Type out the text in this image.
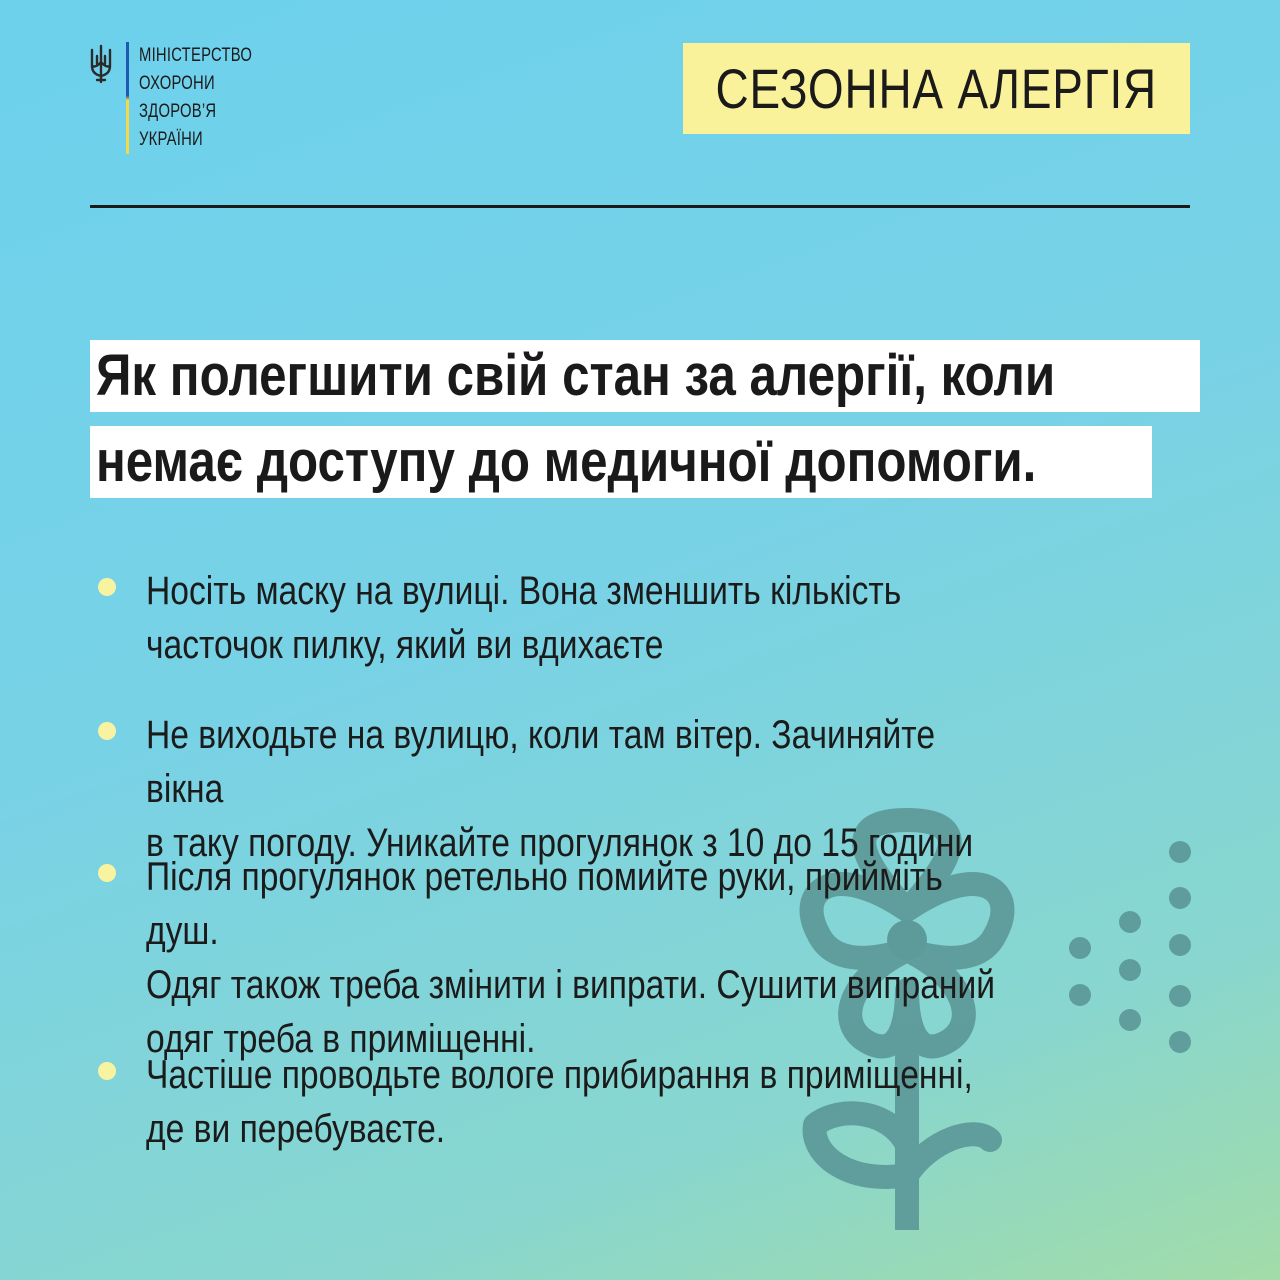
МІНІСТЕРСТВО
ОХОРОНИ
ЗДОРОВ’Я
УКРАЇНИ
СЕЗОННА АЛЕРГІЯ
Як полегшити свій стан за алергії, коли
немає доступу до медичної допомоги.
Носіть маску на вулиці. Вона зменшить кількість
часточок пилку, який ви вдихаєте
Не виходьте на вулицю, коли там вітер. Зачиняйте вікна
в таку погоду. Уникайте прогулянок з 10 до 15 години
Після прогулянок ретельно помийте руки, прийміть душ.
Одяг також треба змінити і випрати. Сушити випраний
одяг треба в приміщенні.
Частіше проводьте вологе прибирання в приміщенні,
де ви перебуваєте.
